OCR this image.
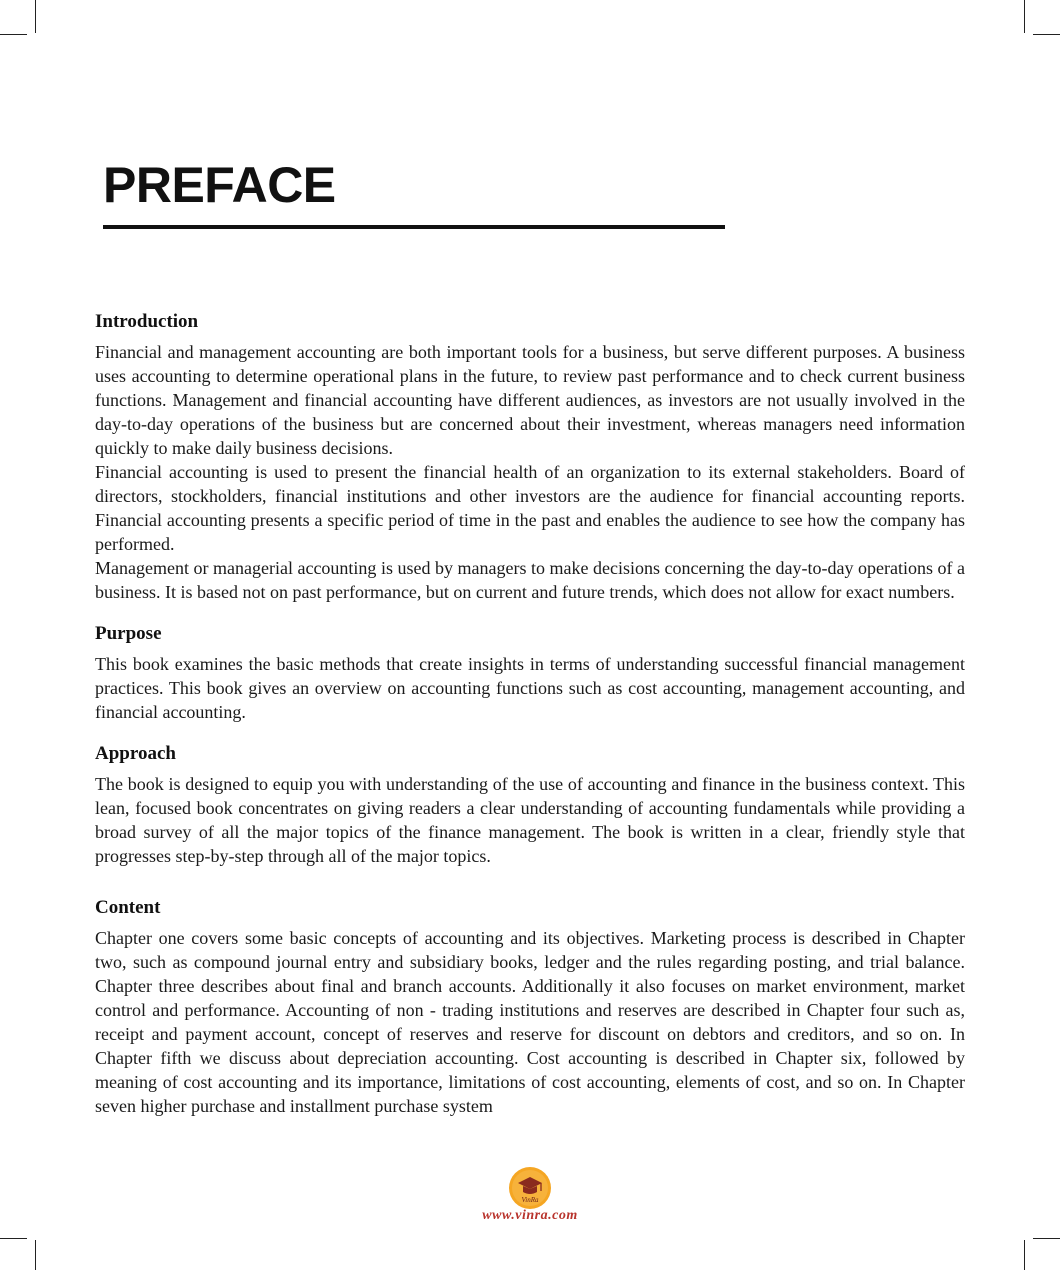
PREFACE
Introduction

Financial and management accounting are both important tools for a business, but serve different purposes. A business uses accounting to determine operational plans in the future, to review past performance and to check current business functions. Management and financial accounting have different audiences, as investors are not usually involved in the day-to-day operations of the business but are concerned about their investment, whereas managers need information quickly to make daily business decisions.

Financial accounting is used to present the financial health of an organization to its external stakeholders. Board of directors, stockholders, financial institutions and other investors are the audience for financial accounting reports. Financial accounting presents a specific period of time in the past and enables the audience to see how the company has performed.

Management or managerial accounting is used by managers to make decisions concerning the day-to-day operations of a business. It is based not on past performance, but on current and future trends, which does not allow for exact numbers.

Purpose

This book examines the basic methods that create insights in terms of understanding successful financial management practices. This book gives an overview on accounting functions such as cost accounting, management accounting, and financial accounting.

Approach

The book is designed to equip you with understanding of the use of accounting and finance in the business context. This lean, focused book concentrates on giving readers a clear understanding of accounting fundamentals while providing a broad survey of all the major topics of the finance management. The book is written in a clear, friendly style that progresses step-by-step through all of the major topics.

Content

Chapter one covers some basic concepts of accounting and its objectives. Marketing process is described in Chapter two, such as compound journal entry and subsidiary books, ledger and the rules regarding posting, and trial balance. Chapter three describes about final and branch accounts. Additionally it also focuses on market environment, market control and performance. Accounting of non - trading institutions and reserves are described in Chapter four such as, receipt and payment account, concept of reserves and reserve for discount on debtors and creditors, and so on. In Chapter fifth we discuss about depreciation accounting. Cost accounting is described in Chapter six, followed by meaning of cost accounting and its importance, limitations of cost accounting, elements of cost, and so on. In Chapter seven higher purchase and installment purchase system

VinRa
www.vinra.com
